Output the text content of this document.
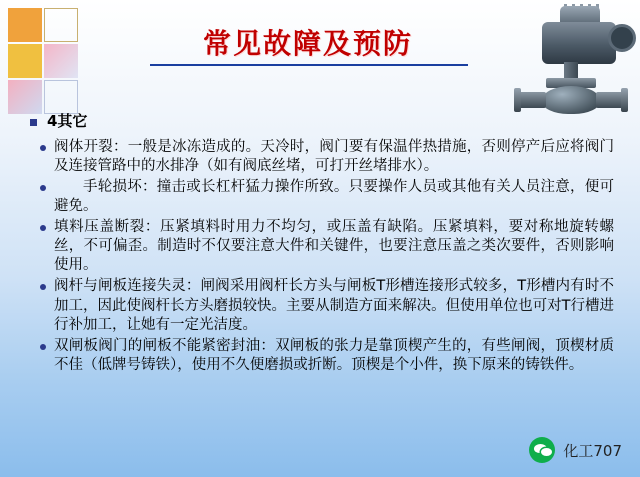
常见故障及预防
4其它
阀体开裂：一般是冰冻造成的。天冷时，阀门要有保温伴热措施，否则停产后应将阀门及连接管路中的水排净（如有阀底丝堵，可打开丝堵排水）。
手轮损坏：撞击或长杠杆猛力操作所致。只要操作人员或其他有关人员注意，便可避免。
填料压盖断裂：压紧填料时用力不均匀，或压盖有缺陷。压紧填料，要对称地旋转螺丝，不可偏歪。制造时不仅要注意大件和关键件，也要注意压盖之类次要件，否则影响使用。
阀杆与闸板连接失灵：闸阀采用阀杆长方头与闸板T形槽连接形式较多，T形槽内有时不加工，因此使阀杆长方头磨损较快。主要从制造方面来解决。但使用单位也可对T行槽进行补加工，让她有一定光洁度。
双闸板阀门的闸板不能紧密封油：双闸板的张力是靠顶楔产生的，有些闸阀，顶楔材质不佳（低牌号铸铁），使用不久便磨损或折断。顶楔是个小件，换下原来的铸铁件。
化工707
